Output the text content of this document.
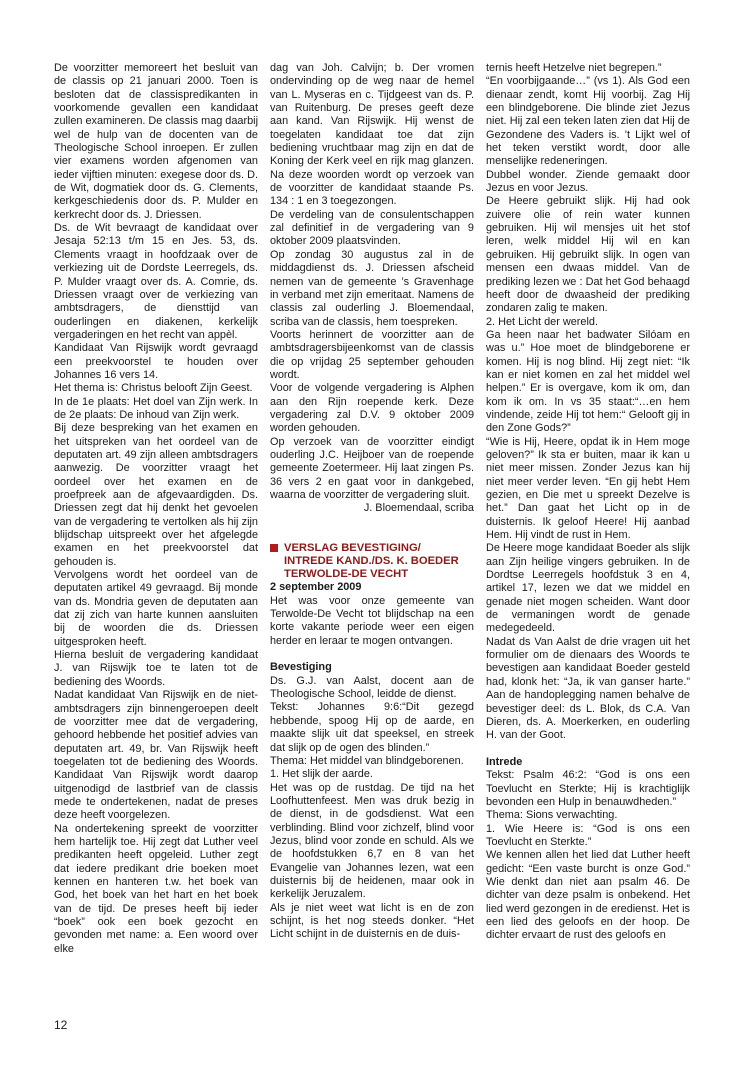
De voorzitter memoreert het besluit van de classis op 21 januari 2000. Toen is besloten dat de classispredikanten in voorkomende gevallen een kandidaat zullen examineren. De classis mag daarbij wel de hulp van de docenten van de Theologische School inroepen. Er zullen vier examens worden afgenomen van ieder vijftien minuten: exegese door ds. D. de Wit, dogmatiek door ds. G. Clements, kerkgeschiedenis door ds. P. Mulder en kerkrecht door ds. J. Driessen.

Ds. de Wit bevraagt de kandidaat over Jesaja 52:13 t/m 15 en Jes. 53, ds. Clements vraagt in hoofdzaak over de verkiezing uit de Dordste Leerregels, ds. P. Mulder vraagt over ds. A. Comrie, ds. Driessen vraagt over de verkiezing van ambtsdragers, de diensttijd van ouderlingen en diakenen, kerkelijk vergaderingen en het recht van appèl.

Kandidaat Van Rijswijk wordt gevraagd een preekvoorstel te houden over Johannes 16 vers 14.

Het thema is: Christus belooft Zijn Geest.

In de 1e plaats: Het doel van Zijn werk. In de 2e plaats: De inhoud van Zijn werk.

Bij deze bespreking van het examen en het uitspreken van het oordeel van de deputaten art. 49 zijn alleen ambtsdragers aanwezig. De voorzitter vraagt het oordeel over het examen en de proefpreek aan de afgevaardigden. Ds. Driessen zegt dat hij denkt het gevoelen van de vergadering te vertolken als hij zijn blijdschap uitspreekt over het afgelegde examen en het preekvoorstel dat gehouden is.

Vervolgens wordt het oordeel van de deputaten artikel 49 gevraagd. Bij monde van ds. Mondria geven de deputaten aan dat zij zich van harte kunnen aansluiten bij de woorden die ds. Driessen uitgesproken heeft.

Hierna besluit de vergadering kandidaat J. van Rijswijk toe te laten tot de bediening des Woords.

Nadat kandidaat Van Rijswijk en de niet-ambtsdragers zijn binnengeroepen deelt de voorzitter mee dat de vergadering, gehoord hebbende het positief advies van deputaten art. 49, br. Van Rijswijk heeft toegelaten tot de bediening des Woords. Kandidaat Van Rijswijk wordt daarop uitgenodigd de lastbrief van de classis mede te ondertekenen, nadat de preses deze heeft voorgelezen.

Na ondertekening spreekt de voorzitter hem hartelijk toe. Hij zegt dat Luther veel predikanten heeft opgeleid. Luther zegt dat iedere predikant drie boeken moet kennen en hanteren t.w. het boek van God, het boek van het hart en het boek van de tijd. De preses heeft bij ieder “boek” ook een boek gezocht en gevonden met name: a. Een woord over elke

dag van Joh. Calvijn; b. Der vromen ondervinding op de weg naar de hemel van L. Myseras en c. Tijdgeest van ds. P. van Ruitenburg. De preses geeft deze aan kand. Van Rijswijk. Hij wenst de toegelaten kandidaat toe dat zijn bediening vruchtbaar mag zijn en dat de Koning der Kerk veel en rijk mag glanzen. Na deze woorden wordt op verzoek van de voorzitter de kandidaat staande Ps. 134 : 1 en 3 toegezongen.

De verdeling van de consulentschappen zal definitief in de vergadering van 9 oktober 2009 plaatsvinden.

Op zondag 30 augustus zal in de middagdienst ds. J. Driessen afscheid nemen van de gemeente ’s Gravenhage in verband met zijn emeritaat. Namens de classis zal ouderling J. Bloemendaal, scriba van de classis, hem toespreken.

Voorts herinnert de voorzitter aan de ambtsdragersbijeenkomst van de classis die op vrijdag 25 september gehouden wordt.

Voor de volgende vergadering is Alphen aan den Rijn roepende kerk. Deze vergadering zal D.V. 9 oktober 2009 worden gehouden.

Op verzoek van de voorzitter eindigt ouderling J.C. Heijboer van de roepende gemeente Zoetermeer. Hij laat zingen Ps. 36 vers 2 en gaat voor in dankgebed, waarna de voorzitter de vergadering sluit.

J. Bloemendaal, scriba

VERSLAG BEVESTIGING/
INTREDE KAND./DS. K. BOEDER
TERWOLDE-DE VECHT

2 september 2009

Het was voor onze gemeente van Terwolde-De Vecht tot blijdschap na een korte vakante periode weer een eigen herder en leraar te mogen ontvangen.

Bevestiging

Ds. G.J. van Aalst, docent aan de Theologische School, leidde de dienst.

Tekst: Johannes 9:6:“Dit gezegd hebbende, spoog Hij op de aarde, en maakte slijk uit dat speeksel, en streek dat slijk op de ogen des blinden.”

Thema: Het middel van blindgeborenen.

1. Het slijk der aarde.

Het was op de rustdag. De tijd na het Loofhuttenfeest. Men was druk bezig in de dienst, in de godsdienst. Wat een verblinding. Blind voor zichzelf, blind voor Jezus, blind voor zonde en schuld. Als we de hoofdstukken 6,7 en 8 van het Evangelie van Johannes lezen, wat een duisternis bij de heidenen, maar ook in kerkelijk Jeruzalem.

Als je niet weet wat licht is en de zon schijnt, is het nog steeds donker. “Het Licht schijnt in de duisternis en de duis-

ternis heeft Hetzelve niet begrepen.”

“En voorbijgaande…” (vs 1). Als God een dienaar zendt, komt Hij voorbij. Zag Hij een blindgeborene. Die blinde ziet Jezus niet. Hij zal een teken laten zien dat Hij de Gezondene des Vaders is. ’t Lijkt wel of het teken verstikt wordt, door alle menselijke redeneringen.

Dubbel wonder. Ziende gemaakt door Jezus en voor Jezus.

De Heere gebruikt slijk. Hij had ook zuivere olie of rein water kunnen gebruiken. Hij wil mensjes uit het stof leren, welk middel Hij wil en kan gebruiken. Hij gebruikt slijk. In ogen van mensen een dwaas middel. Van de prediking lezen we : Dat het God behaagd heeft door de dwaasheid der prediking zondaren zalig te maken.

2. Het Licht der wereld.

Ga heen naar het badwater Silóam en was u.” Hoe moet de blindgeborene er komen. Hij is nog blind. Hij zegt niet: “Ik kan er niet komen en zal het middel wel helpen.” Er is overgave, kom ik om, dan kom ik om. In vs 35 staat:“…en hem vindende, zeide Hij tot hem:“ Gelooft gij in den Zone Gods?”

“Wie is Hij, Heere, opdat ik in Hem moge geloven?” Ik sta er buiten, maar ik kan u niet meer missen. Zonder Jezus kan hij niet meer verder leven. “En gij hebt Hem gezien, en Die met u spreekt Dezelve is het.” Dan gaat het Licht op in de duisternis. Ik geloof Heere! Hij aanbad Hem. Hij vindt de rust in Hem.

De Heere moge kandidaat Boeder als slijk aan Zijn heilige vingers gebruiken. In de Dordtse Leerregels hoofdstuk 3 en 4, artikel 17, lezen we dat we middel en genade niet mogen scheiden. Want door de vermaningen wordt de genade medegedeeld.

Nadat ds Van Aalst de drie vragen uit het formulier om de dienaars des Woords te bevestigen aan kandidaat Boeder gesteld had, klonk het: “Ja, ik van ganser harte.” Aan de handoplegging namen behalve de bevestiger deel: ds L. Blok, ds C.A. Van Dieren, ds. A. Moerkerken, en ouderling H. van der Goot.

Intrede

Tekst: Psalm 46:2: “God is ons een Toevlucht en Sterkte; Hij is krachtiglijk bevonden een Hulp in benauwdheden.”

Thema: Sions verwachting.

1. Wie Heere is: “God is ons een Toevlucht en Sterkte.”

We kennen allen het lied dat Luther heeft gedicht: “Een vaste burcht is onze God.” Wie denkt dan niet aan psalm 46. De dichter van deze psalm is onbekend. Het lied werd gezongen in de eredienst. Het is een lied des geloofs en der hoop. De dichter ervaart de rust des geloofs en

12
